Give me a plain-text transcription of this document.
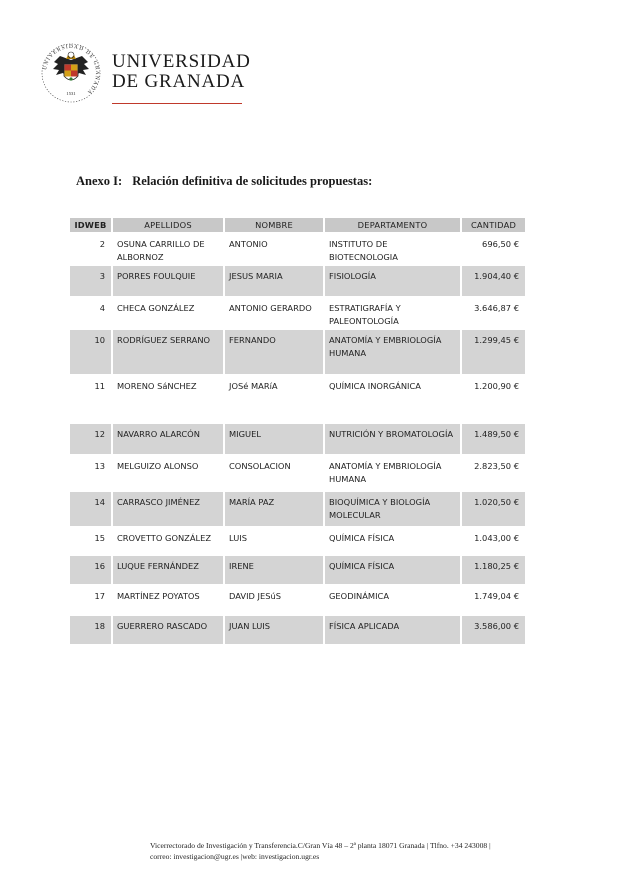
UNIVERSIDAD DE GRANADA
1531
UNIVERSIDAD
DE GRANADA
Anexo I: Relación definitiva de solicitudes propuestas:
IDWEB	APELLIDOS	NOMBRE	DEPARTAMENTO	CANTIDAD
2	OSUNA CARRILLO DE ALBORNOZ	ANTONIO	INSTITUTO DE BIOTECNOLOGIA	696,50 €
3	PORRES FOULQUIE	JESUS MARIA	FISIOLOGÍA	1.904,40 €
4	CHECA GONZÁLEZ	ANTONIO GERARDO	ESTRATIGRAFÍA Y PALEONTOLOGÍA	3.646,87 €
10	RODRÍGUEZ SERRANO	FERNANDO	ANATOMÍA Y EMBRIOLOGÍA HUMANA	1.299,45 €
11	MORENO SáNCHEZ	JOSé MARíA	QUÍMICA INORGÁNICA	1.200,90 €
12	NAVARRO ALARCÓN	MIGUEL	NUTRICIÓN Y BROMATOLOGÍA	1.489,50 €
13	MELGUIZO ALONSO	CONSOLACION	ANATOMÍA Y EMBRIOLOGÍA HUMANA	2.823,50 €
14	CARRASCO JIMÉNEZ	MARÍA PAZ	BIOQUÍMICA Y BIOLOGÍA MOLECULAR	1.020,50 €
15	CROVETTO GONZÁLEZ	LUIS	QUÍMICA FÍSICA	1.043,00 €
16	LUQUE FERNÁNDEZ	IRENE	QUÍMICA FÍSICA	1.180,25 €
17	MARTÍNEZ POYATOS	DAVID JESúS	GEODINÁMICA	1.749,04 €
18	GUERRERO RASCADO	JUAN LUIS	FÍSICA APLICADA	3.586,00 €
Vicerrectorado de Investigación y Transferencia.C/Gran Vía 48 – 2ª planta 18071 Granada | Tlfno. +34 243008 |
correo: investigacion@ugr.es |web: investigacion.ugr.es
